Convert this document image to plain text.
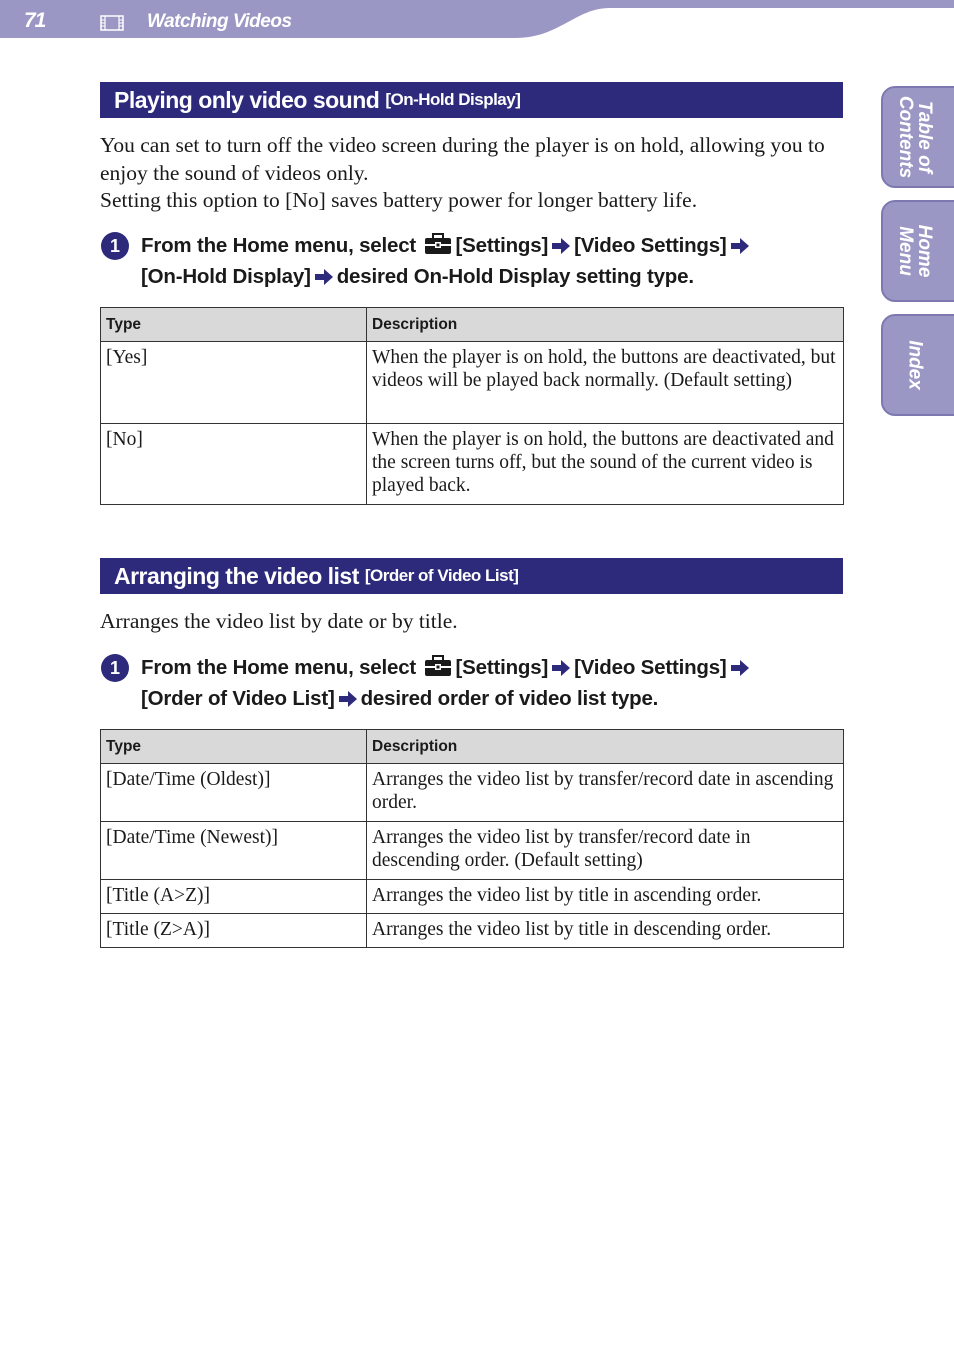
71	Watching Videos
Table of
Contents
Home
Menu
Index
Playing only video sound [On-Hold Display]

You can set to turn off the video screen during the player is on hold, allowing you to enjoy the sound of videos only.
Setting this option to [No] saves battery power for longer battery life.

1	From the Home menu, select [Settings] [Video Settings]
[On-Hold Display] desired On-Hold Display setting type.

Type	Description
[Yes]	When the player is on hold, the buttons are deactivated, but videos will be played back normally. (Default setting)
[No]	When the player is on hold, the buttons are deactivated and the screen turns off, but the sound of the current video is played back.
Arranging the video list [Order of Video List]

Arranges the video list by date or by title.

1	From the Home menu, select [Settings] [Video Settings]
[Order of Video List] desired order of video list type.

Type	Description
[Date/Time (Oldest)]	Arranges the video list by transfer/record date in ascending order.
[Date/Time (Newest)]	Arranges the video list by transfer/record date in descending order. (Default setting)
[Title (A>Z)]	Arranges the video list by title in ascending order.
[Title (Z>A)]	Arranges the video list by title in descending order.
